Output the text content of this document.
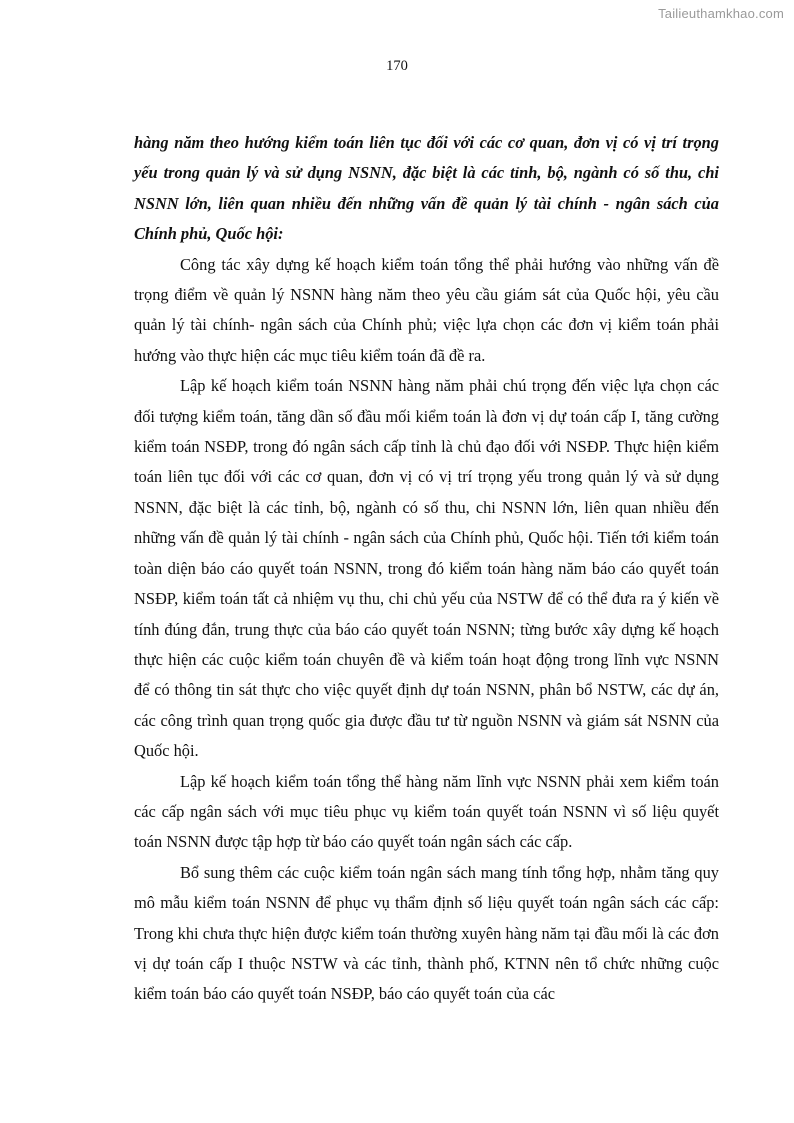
Tailieuthamkhao.com
170

hàng năm theo hướng kiểm toán liên tục đối với các cơ quan, đơn vị có vị trí trọng yếu trong quản lý và sử dụng NSNN, đặc biệt là các tỉnh, bộ, ngành có số thu, chi NSNN lớn, liên quan nhiều đến những vấn đề quản lý tài chính - ngân sách của Chính phủ, Quốc hội:

Công tác xây dựng kế hoạch kiểm toán tổng thể phải hướng vào những vấn đề trọng điểm về quản lý NSNN hàng năm theo yêu cầu giám sát của Quốc hội, yêu cầu quản lý tài chính- ngân sách của Chính phủ; việc lựa chọn các đơn vị kiểm toán phải hướng vào thực hiện các mục tiêu kiểm toán đã đề ra.

Lập kế hoạch kiểm toán NSNN hàng năm phải chú trọng đến việc lựa chọn các đối tượng kiểm toán, tăng dần số đầu mối kiểm toán là đơn vị dự toán cấp I, tăng cường kiểm toán NSĐP, trong đó ngân sách cấp tỉnh là chủ đạo đối với NSĐP. Thực hiện kiểm toán liên tục đối với các cơ quan, đơn vị có vị trí trọng yếu trong quản lý và sử dụng NSNN, đặc biệt là các tỉnh, bộ, ngành có số thu, chi NSNN lớn, liên quan nhiều đến những vấn đề quản lý tài chính - ngân sách của Chính phủ, Quốc hội. Tiến tới kiểm toán toàn diện báo cáo quyết toán NSNN, trong đó kiểm toán hàng năm báo cáo quyết toán NSĐP, kiểm toán tất cả nhiệm vụ thu, chi chủ yếu của NSTW để có thể đưa ra ý kiến về tính đúng đắn, trung thực của báo cáo quyết toán NSNN; từng bước xây dựng kế hoạch thực hiện các cuộc kiểm toán chuyên đề và kiểm toán hoạt động trong lĩnh vực NSNN để có thông tin sát thực cho việc quyết định dự toán NSNN, phân bổ NSTW, các dự án, các công trình quan trọng quốc gia được đầu tư từ nguồn NSNN và giám sát NSNN của Quốc hội.

Lập kế hoạch kiểm toán tổng thể hàng năm lĩnh vực NSNN phải xem kiểm toán các cấp ngân sách với mục tiêu phục vụ kiểm toán quyết toán NSNN vì số liệu quyết toán NSNN được tập hợp từ báo cáo quyết toán ngân sách các cấp.

Bổ sung thêm các cuộc kiểm toán ngân sách mang tính tổng hợp, nhằm tăng quy mô mẫu kiểm toán NSNN để phục vụ thẩm định số liệu quyết toán ngân sách các cấp: Trong khi chưa thực hiện được kiểm toán thường xuyên hàng năm tại đầu mối là các đơn vị dự toán cấp I thuộc NSTW và các tỉnh, thành phố, KTNN nên tổ chức những cuộc kiểm toán báo cáo quyết toán NSĐP, báo cáo quyết toán của các
